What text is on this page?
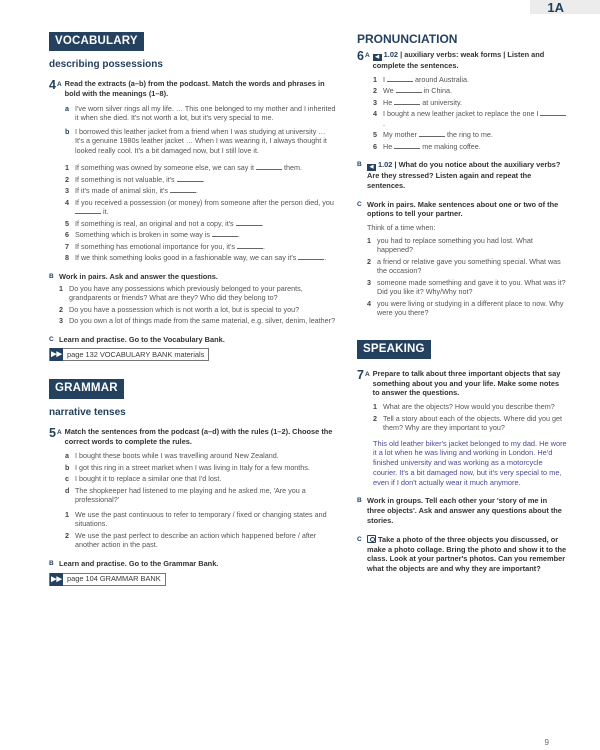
1A
VOCABULARY
describing possessions
4 A Read the extracts (a–b) from the podcast. Match the words and phrases in bold with the meanings (1–8).
a I've worn silver rings all my life. … This one belonged to my mother and I inherited it when she died. It's not worth a lot, but it's very special to me.
b I borrowed this leather jacket from a friend when I was studying at university … It's a genuine 1980s leather jacket … When I was wearing it, I always thought it looked really cool. It's a bit damaged now, but I still love it.
1 If something was owned by someone else, we can say it	them.
2 If something is not valuable, it's	.
3 If it's made of animal skin, it's	.
4 If you received a possession (or money) from someone after the person died, you  it.
5 If something is real, an original and not a copy, it's	.
6 Something which is broken in some way is	.
7 If something has emotional importance for you, it's	.
8 If we think something looks good in a fashionable way, we can say it's	.
B Work in pairs. Ask and answer the questions.
1 Do you have any possessions which previously belonged to your parents, grandparents or friends? What are they? Who did they belong to?
2 Do you have a possession which is not worth a lot, but is special to you?
3 Do you own a lot of things made from the same material, e.g. silver, denim, leather?
C Learn and practise. Go to the Vocabulary Bank.
▶▶ page 132 VOCABULARY BANK materials
GRAMMAR
narrative tenses
5 A Match the sentences from the podcast (a–d) with the rules (1–2). Choose the correct words to complete the rules.
a I bought these boots while I was travelling around New Zealand.
b I got this ring in a street market when I was living in Italy for a few months.
c I bought it to replace a similar one that I'd lost.
d The shopkeeper had listened to me playing and he asked me, 'Are you a professional?'
1 We use the past continuous to refer to temporary / fixed or changing states and situations.
2 We use the past perfect to describe an action which happened before / after another action in the past.
B Learn and practise. Go to the Grammar Bank.
▶▶ page 104 GRAMMAR BANK
PRONUNCIATION
6 A	◀ 1.02 | auxiliary verbs: weak forms | Listen and complete the sentences.
1 I	around Australia.
2 We	in China.
3 He	at university.
4 I bought a new leather jacket to replace the one I .
5 My mother	the ring to me.
6 He	me making coffee.
B	◀ 1.02 | What do you notice about the auxiliary verbs? Are they stressed? Listen again and repeat the sentences.
C Work in pairs. Make sentences about one or two of the options to tell your partner.
Think of a time when:
1 you had to replace something you had lost. What happened?
2 a friend or relative gave you something special. What was the occasion?
3 someone made something and gave it to you. What was it? Did you like it? Why/Why not?
4 you were living or studying in a different place to now. Why were you there?
SPEAKING
7 A Prepare to talk about three important objects that say something about you and your life. Make some notes to answer the questions.
1 What are the objects? How would you describe them?
2 Tell a story about each of the objects. Where did you get them? Why are they important to you?
This old leather biker's jacket belonged to my dad. He wore it a lot when he was living and working in London. He'd finished university and was working as a motorcycle courier. It's a bit damaged now, but it's very special to me, even if I don't actually wear it much anymore.
B Work in groups. Tell each other your 'story of me in three objects'. Ask and answer any questions about the stories.
C	Take a photo of the three objects you discussed, or make a photo collage. Bring the photo and show it to the class. Look at your partner's photos. Can you remember what the objects are and why they are important?
9
